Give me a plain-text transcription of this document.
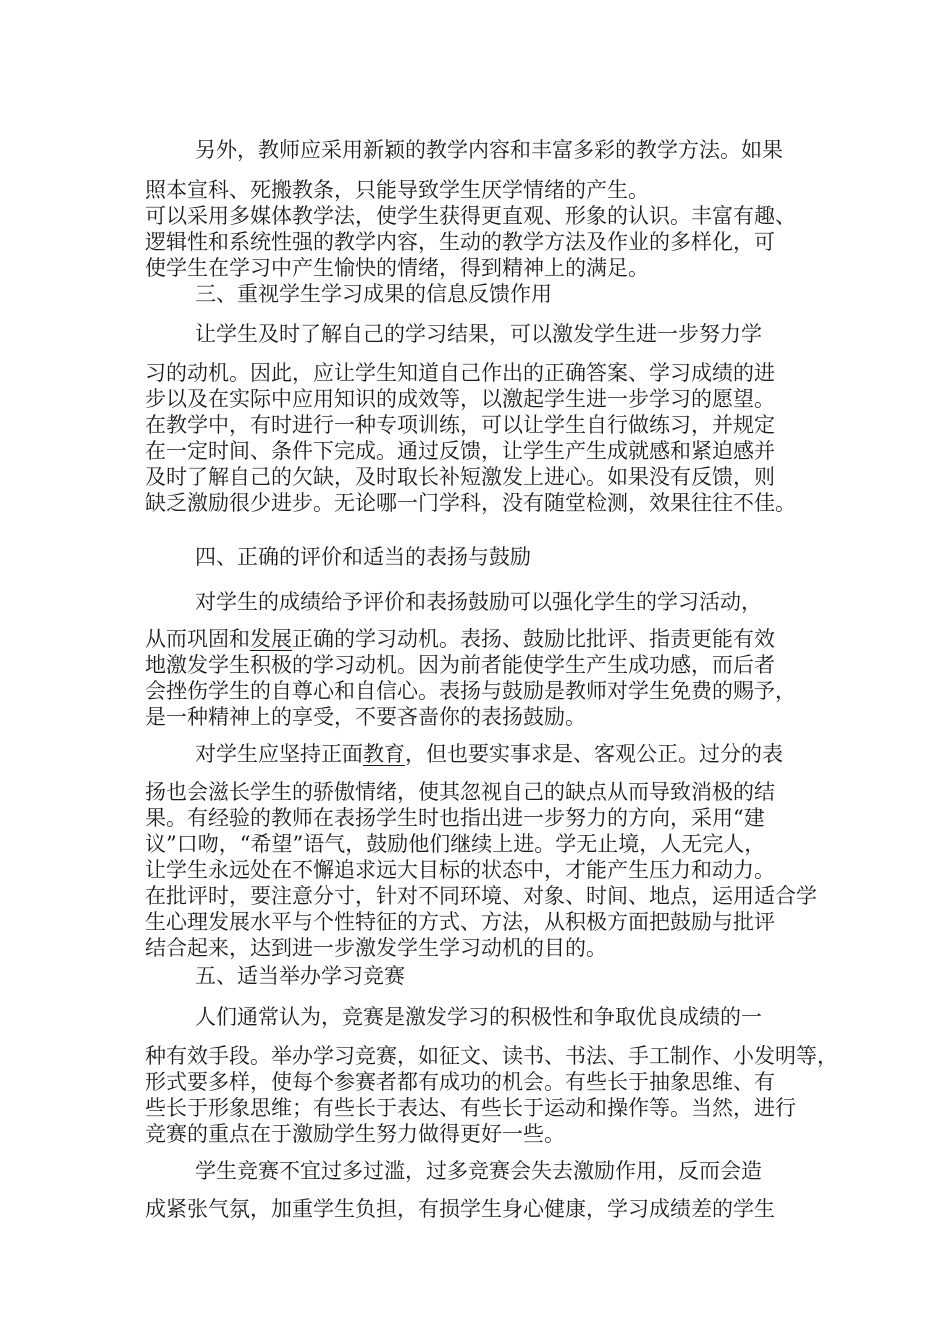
另外，教师应采用新颖的教学内容和丰富多彩的教学方法。如果
照本宣科、死搬教条，只能导致学生厌学情绪的产生。
可以采用多媒体教学法，使学生获得更直观、形象的认识。丰富有趣、
逻辑性和系统性强的教学内容，生动的教学方法及作业的多样化，可
使学生在学习中产生愉快的情绪，得到精神上的满足。
三、重视学生学习成果的信息反馈作用
让学生及时了解自己的学习结果，可以激发学生进一步努力学
习的动机。因此，应让学生知道自己作出的正确答案、学习成绩的进
步以及在实际中应用知识的成效等，以激起学生进一步学习的愿望。
在教学中，有时进行一种专项训练，可以让学生自行做练习，并规定
在一定时间、条件下完成。通过反馈，让学生产生成就感和紧迫感并
及时了解自己的欠缺，及时取长补短激发上进心。如果没有反馈，则
缺乏激励很少进步。无论哪一门学科，没有随堂检测，效果往往不佳。
四、正确的评价和适当的表扬与鼓励
对学生的成绩给予评价和表扬鼓励可以强化学生的学习活动，
从而巩固和发展正确的学习动机。表扬、鼓励比批评、指责更能有效
地激发学生积极的学习动机。因为前者能使学生产生成功感，而后者
会挫伤学生的自尊心和自信心。表扬与鼓励是教师对学生免费的赐予，
是一种精神上的享受，不要吝啬你的表扬鼓励。
对学生应坚持正面教育，但也要实事求是、客观公正。过分的表
扬也会滋长学生的骄傲情绪，使其忽视自己的缺点从而导致消极的结
果。有经验的教师在表扬学生时也指出进一步努力的方向，采用“建
议”口吻，“希望”语气，鼓励他们继续上进。学无止境，人无完人，
让学生永远处在不懈追求远大目标的状态中，才能产生压力和动力。
在批评时，要注意分寸，针对不同环境、对象、时间、地点，运用适合学
生心理发展水平与个性特征的方式、方法，从积极方面把鼓励与批评
结合起来，达到进一步激发学生学习动机的目的。
五、适当举办学习竞赛
人们通常认为，竞赛是激发学习的积极性和争取优良成绩的一
种有效手段。举办学习竞赛，如征文、读书、书法、手工制作、小发明等，
形式要多样，使每个参赛者都有成功的机会。有些长于抽象思维、有
些长于形象思维；有些长于表达、有些长于运动和操作等。当然，进行
竞赛的重点在于激励学生努力做得更好一些。
学生竞赛不宜过多过滥，过多竞赛会失去激励作用，反而会造
成紧张气氛，加重学生负担，有损学生身心健康，学习成绩差的学生
